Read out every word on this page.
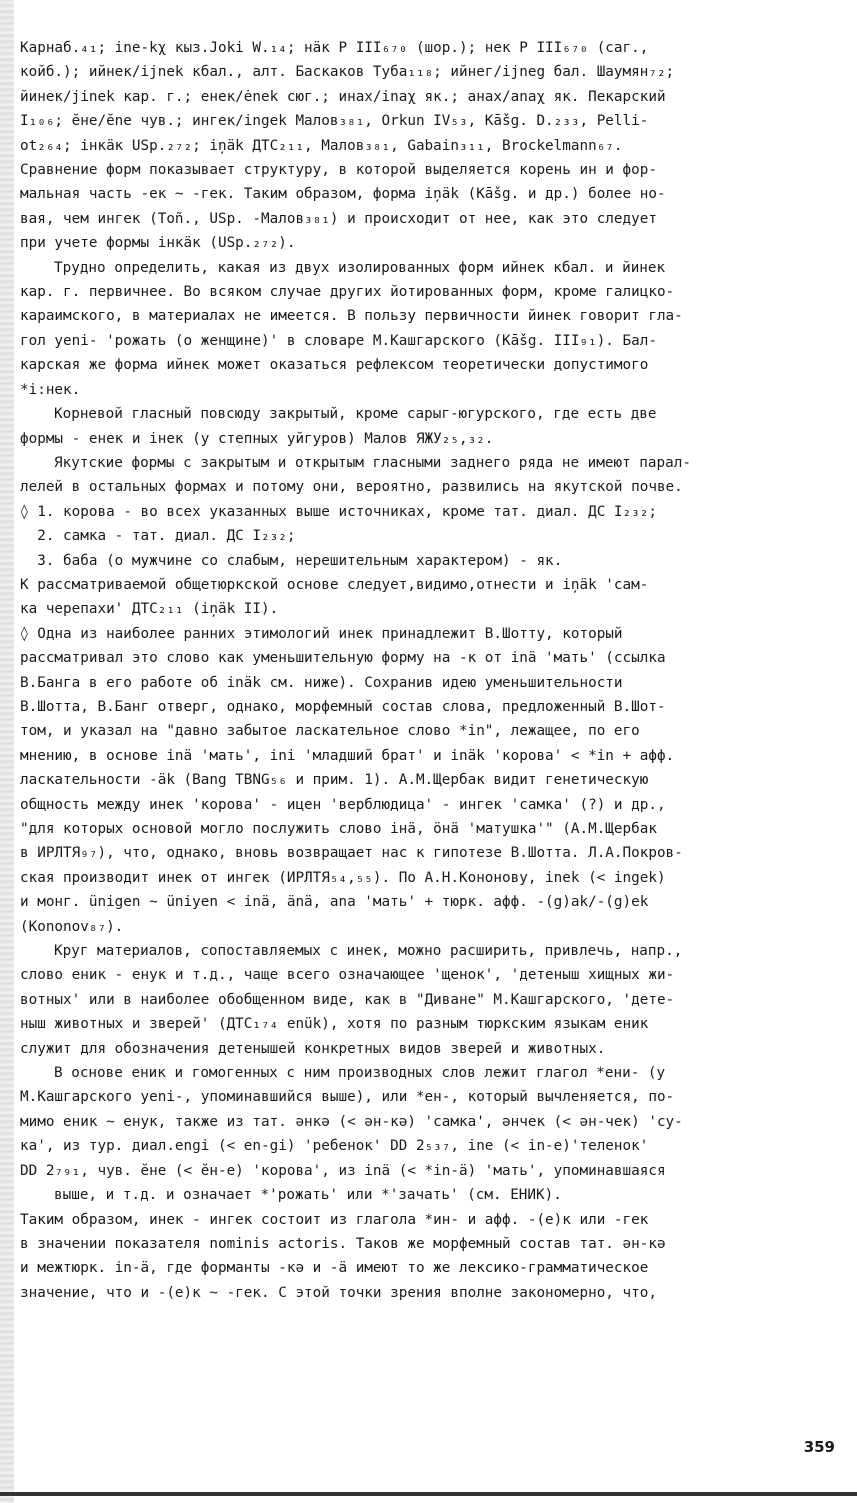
Карнаб.₄₁; ine-kχ кыз.Joki W.₁₄; нӓк P III₆₇₀ (шор.); нек P III₆₇₀ (саг.,
койб.); ийнек/ijnek кбал., алт. Баскаков Туба₁₁₈; ийнег/ijneg бал. Шаумян₇₂;
йинек/jinek кар. г.; енек/ėnek сюг.; инах/inaχ як.; анах/anaχ як. Пекарский
I₁₀₆; ӗне/ĕne чув.; ингек/ingek Малов₃₈₁, Orkun IV₅₃, Kāšg. D.₂₃₃, Pelli-
ot₂₆₄; iнкӓк USp.₂₇₂; iņӓk ДТС₂₁₁, Малов₃₈₁, Gabain₃₁₁, Brockelmann₆₇.
Сравнение форм показывает структуру, в которой выделяется корень ин и фор-
мальная часть -ек ~ -гек. Таким образом, форма iņӓk (Kāšg. и др.) более но-
вая, чем ингек (Тоñ., USp. -Малов₃₈₁) и происходит от нее, как это следует
при учете формы iнкӓк (USp.₂₇₂).
Трудно определить, какая из двух изолированных форм ийнек кбал. и йинек
кар. г. первичнее. Во всяком случае других йотированных форм, кроме галицко-
караимского, в материалах не имеется. В пользу первичности йинек говорит гла-
гол yeni- 'рожать (о женщине)' в словаре М.Кашгарского (Kāšg. III₉₁). Бал-
карская же форма ийнек может оказаться рефлексом теоретически допустимого
*i:нек.
Корневой гласный повсюду закрытый, кроме сарыг-югурского, где есть две
формы - енек и iнек (у степных уйгуров) Малов ЯЖУ₂₅,₃₂.
Якутские формы с закрытым и открытым гласными заднего ряда не имеют парал-
лелей в остальных формах и потому они, вероятно, развились на якутской почве.
◊ 1. корова - во всех указанных выше источниках, кроме тат. диал. ДС I₂₃₂;
2. самка - тат. диал. ДС I₂₃₂;
3. баба (о мужчине со слабым, нерешительным характером) - як.
К рассматриваемой общетюркской основе следует,видимо,отнести и iņӓk 'сам-
ка черепахи' ДТС₂₁₁ (iņӓk II).
◊ Одна из наиболее ранних этимологий инек принадлежит В.Шотту, который
рассматривал это слово как уменьшительную форму на -к от inӓ 'мать' (ссылка
В.Банга в его работе об inӓk см. ниже). Сохранив идею уменьшительности
В.Шотта, В.Банг отверг, однако, морфемный состав слова, предложенный В.Шот-
том, и указал на "давно забытое ласкательное слово *in", лежащее, по его
мнению, в основе inӓ 'мать', ini 'младший брат' и inӓk 'корова' < *in + афф.
ласкательности -ӓk (Bang TBNG₅₆ и прим. 1). А.М.Щербак видит генетическую
общность между инек 'корова' - ицен 'верблюдица' - ингек 'самка' (?) и др.,
"для которых основой могло послужить слово iнӓ, ӧнӓ 'матушка'" (А.М.Щербак
в ИРЛТЯ₉₇), что, однако, вновь возвращает нас к гипотезе В.Шотта. Л.А.Покров-
ская производит инек от ингек (ИРЛТЯ₅₄,₅₅). По А.Н.Кононову, inek (< ingek)
и монг. ünigen ~ üniyen < inӓ, änӓ, ana 'мать' + тюрк. афф. -(g)ak/-(g)ek
(Kononov₈₇).
Круг материалов, сопоставляемых с инек, можно расширить, привлечь, напр.,
слово еник - енук и т.д., чаще всего означающее 'щенок', 'детеныш хищных жи-
вотных' или в наиболее обобщенном виде, как в "Диване" М.Кашгарского, 'дете-
ныш животных и зверей' (ДТС₁₇₄ enük), хотя по разным тюркским языкам еник
служит для обозначения детенышей конкретных видов зверей и животных.
В основе еник и гомогенных с ним производных слов лежит глагол *ени- (у
М.Кашгарского yeni-, упоминавшийся выше), или *ен-, который вычленяется, по-
мимо еник ~ енук, также из тат. әнкә (< ән-кә) 'самка', әнчек (< ән-чек) 'су-
ка', из тур. диал.engi (< en-gi) 'ребенок' DD 2₅₃₇, ine (< in-e)'теленок'
DD 2₇₉₁, чув. ӗне (< ӗн-е) 'корова', из inӓ (< *in-ӓ) 'мать', упоминавшаяся
выше, и т.д. и означает *'рожать' или *'зачать' (см. ЕНИК).
Таким образом, инек - ингек состоит из глагола *ин- и афф. -(е)к или -гек
в значении показателя nominis actoris. Таков же морфемный состав тат. ән-кә
и межтюрк. in-ӓ, где форманты -кә и -ӓ имеют то же лексико-грамматическое
значение, что и -(е)к ~ -гек. С этой точки зрения вполне закономерно, что,
359
